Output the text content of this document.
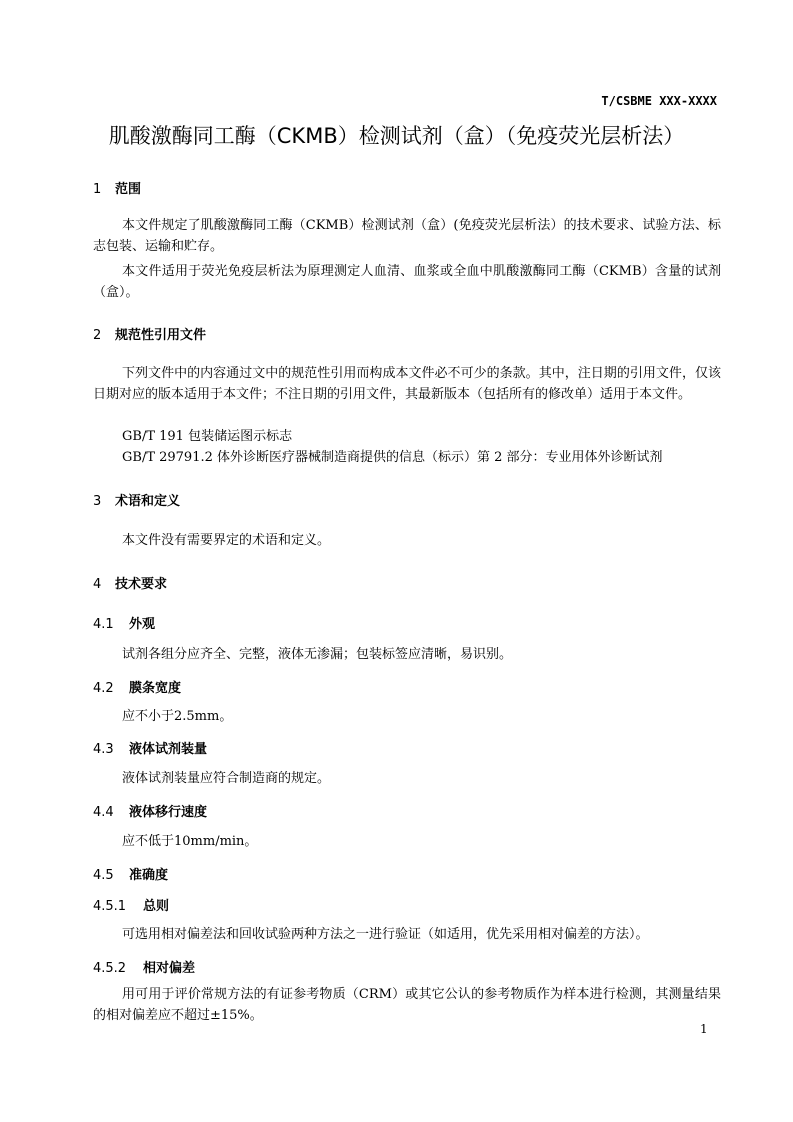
T/CSBME XXX-XXXX
肌酸激酶同工酶（CKMB）检测试剂（盒）（免疫荧光层析法）
1 范围
本文件规定了肌酸激酶同工酶（CKMB）检测试剂（盒）(免疫荧光层析法）的技术要求、试验方法、标志包装、运输和贮存。
本文件适用于荧光免疫层析法为原理测定人血清、血浆或全血中肌酸激酶同工酶（CKMB）含量的试剂（盒）。
2 规范性引用文件
下列文件中的内容通过文中的规范性引用而构成本文件必不可少的条款。其中，注日期的引用文件，仅该日期对应的版本适用于本文件；不注日期的引用文件，其最新版本（包括所有的修改单）适用于本文件。
GB/T 191 包装储运图示标志
GB/T 29791.2 体外诊断医疗器械制造商提供的信息（标示）第 2 部分：专业用体外诊断试剂
3 术语和定义
本文件没有需要界定的术语和定义。
4 技术要求
4.1 外观
试剂各组分应齐全、完整，液体无渗漏；包装标签应清晰，易识别。
4.2 膜条宽度
应不小于2.5mm。
4.3 液体试剂装量
液体试剂装量应符合制造商的规定。
4.4 液体移行速度
应不低于10mm/min。
4.5 准确度
4.5.1 总则
可选用相对偏差法和回收试验两种方法之一进行验证（如适用，优先采用相对偏差的方法）。
4.5.2 相对偏差
用可用于评价常规方法的有证参考物质（CRM）或其它公认的参考物质作为样本进行检测，其测量结果的相对偏差应不超过±15%。
1
